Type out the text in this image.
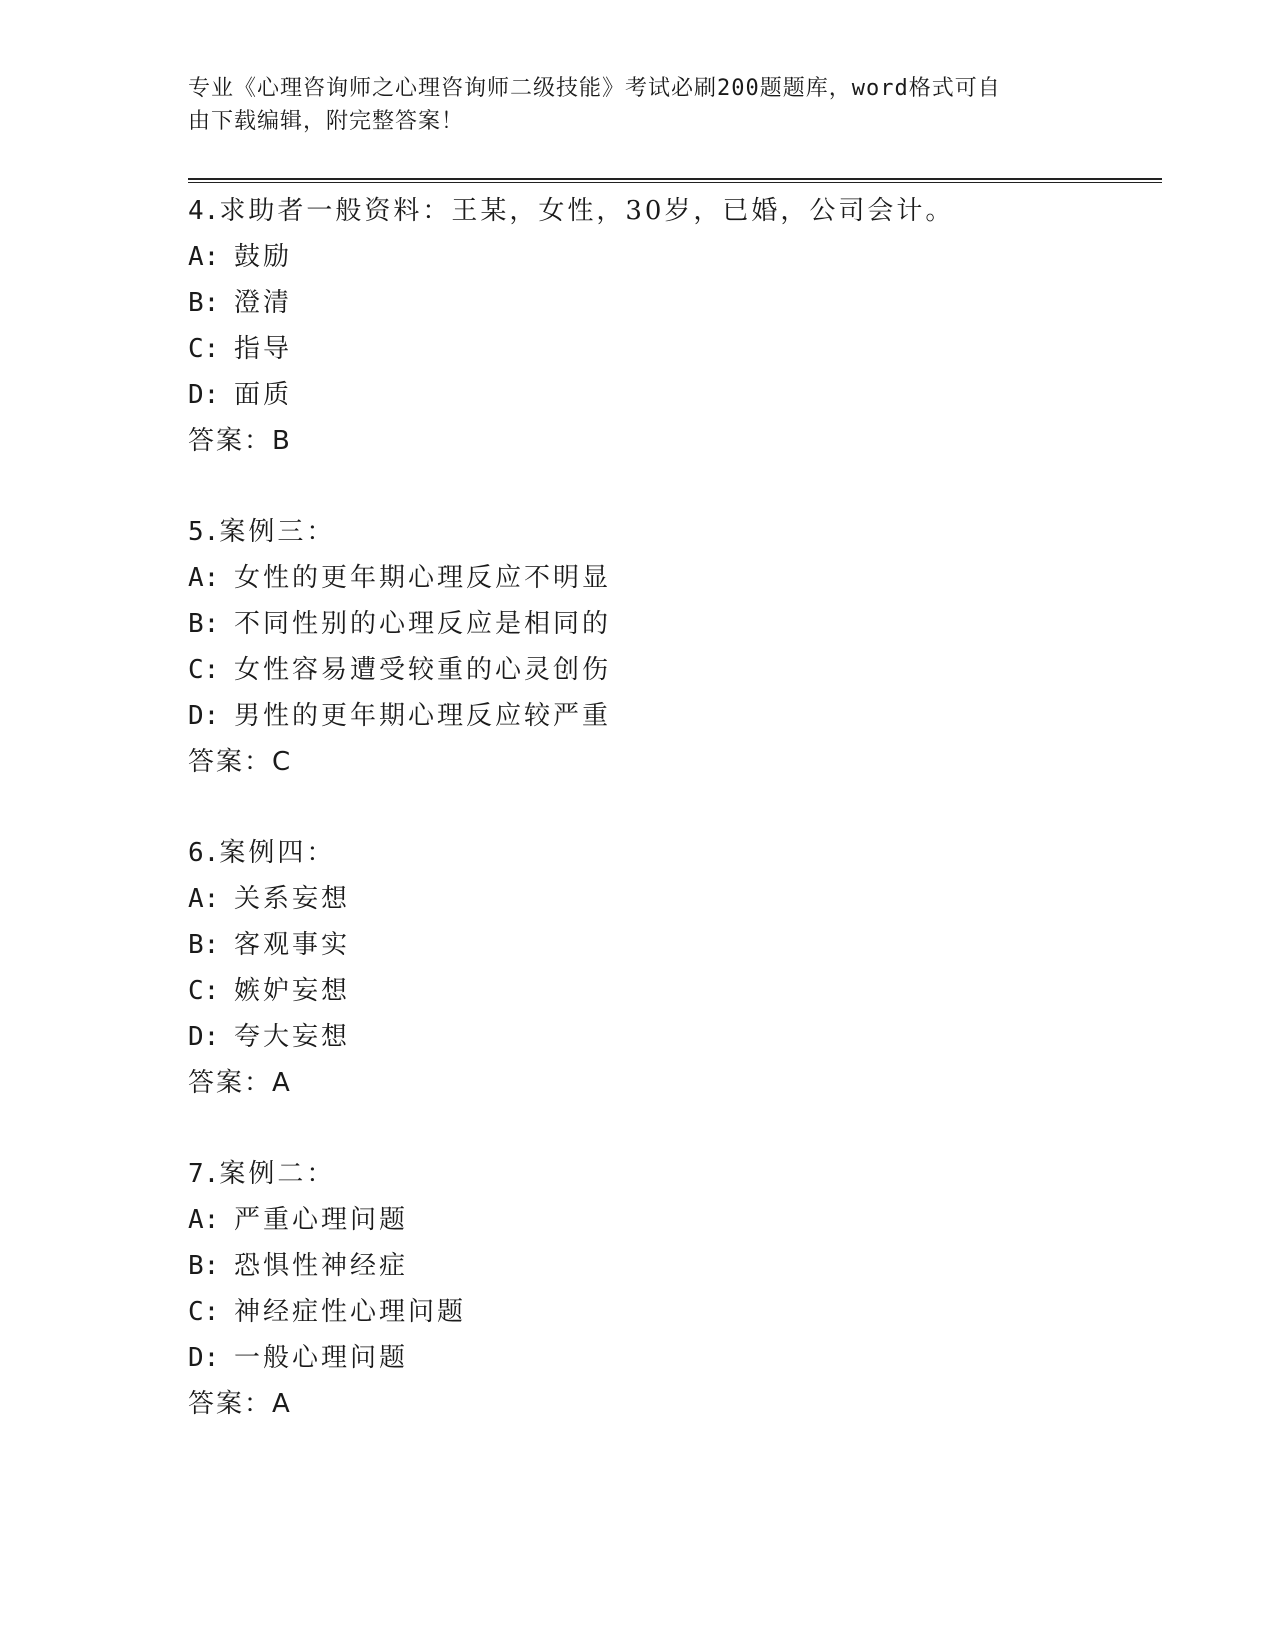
专业《心理咨询师之心理咨询师二级技能》考试必刷200题题库，word格式可自
由下载编辑，附完整答案！
4.求助者一般资料：王某，女性，30岁，已婚，公司会计。
A: 鼓励
B: 澄清
C: 指导
D: 面质
答案：B
5.案例三：
A: 女性的更年期心理反应不明显
B: 不同性别的心理反应是相同的
C: 女性容易遭受较重的心灵创伤
D: 男性的更年期心理反应较严重
答案：C
6.案例四：
A: 关系妄想
B: 客观事实
C: 嫉妒妄想
D: 夸大妄想
答案：A
7.案例二：
A: 严重心理问题
B: 恐惧性神经症
C: 神经症性心理问题
D: 一般心理问题
答案：A
